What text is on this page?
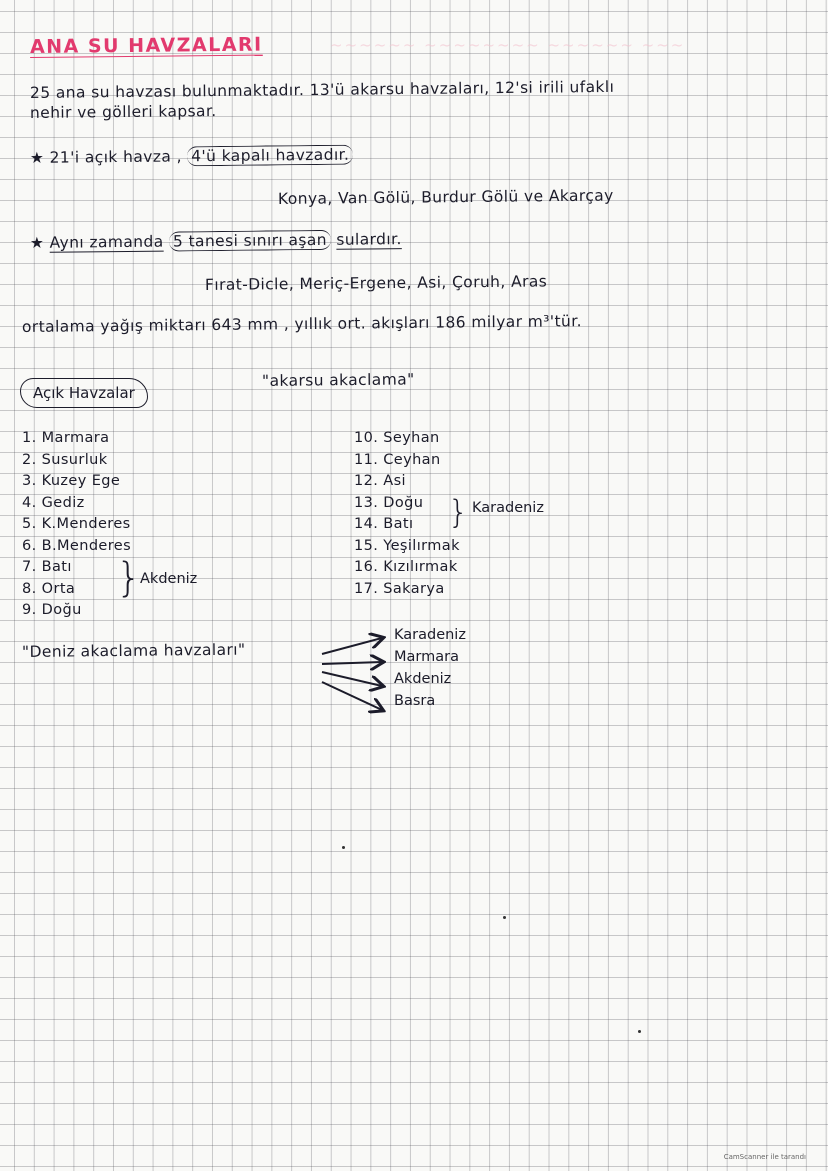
ANA SU HAVZALARI	~~~~~~ ~~~~~~~~ ~~~~~~ ~~~
25 ana su havzası bulunmaktadır. 13'ü akarsu havzaları, 12'si irili ufaklı
nehir ve gölleri kapsar.
★ 21'i açık havza , 4'ü kapalı havzadır.
Konya, Van Gölü, Burdur Gölü ve Akarçay
★ Aynı zamanda 5 tanesi sınırı aşan sulardır.
Fırat-Dicle, Meriç-Ergene, Asi, Çoruh, Aras
ortalama yağış miktarı 643 mm , yıllık ort. akışları 186 milyar m³'tür.
Açık Havzalar
"akarsu akaclama"
1. Marmara
2. Susurluk
3. Kuzey Ege
4. Gediz
5. K.Menderes
6. B.Menderes
7. Batı
8. Orta
9. Doğu
}
Akdeniz
10. Seyhan
11. Ceyhan
12. Asi
13. Doğu
14. Batı
15. Yeşilırmak
16. Kızılırmak
17. Sakarya
} Karadeniz
"Deniz akaclama havzaları"
Karadeniz
Marmara
Akdeniz
Basra
CamScanner ile tarandı
